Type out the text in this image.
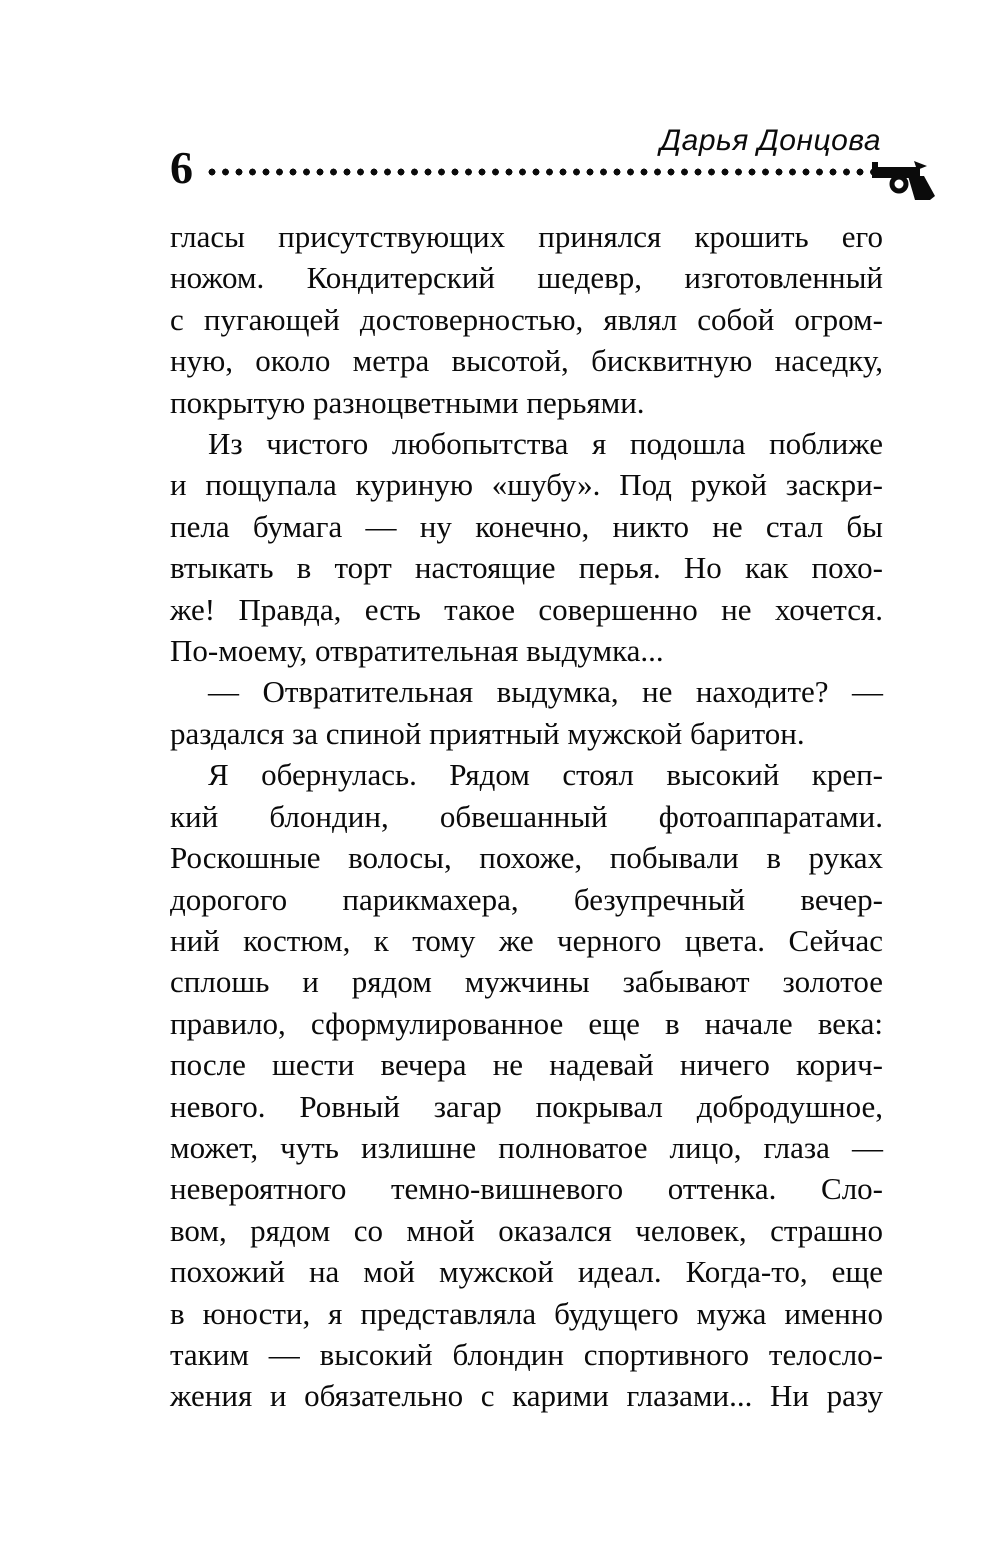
Дарья Донцова
6
гласы присутствующих принялся крошить его
ножом. Кондитерский шедевр, изготовленный
с пугающей достоверностью, являл собой огром-
ную, около метра высотой, бисквитную наседку,
покрытую разноцветными перьями.
Из чистого любопытства я подошла поближе
и пощупала куриную «шубу». Под рукой заскри-
пела бумага — ну конечно, никто не стал бы
втыкать в торт настоящие перья. Но как похо-
же! Правда, есть такое совершенно не хочется.
По-моему, отвратительная выдумка...
— Отвратительная выдумка, не находите? —
раздался за спиной приятный мужской баритон.
Я обернулась. Рядом стоял высокий креп-
кий блондин, обвешанный фотоаппаратами.
Роскошные волосы, похоже, побывали в руках
дорогого парикмахера, безупречный вечер-
ний костюм, к тому же черного цвета. Сейчас
сплошь и рядом мужчины забывают золотое
правило, сформулированное еще в начале века:
после шести вечера не надевай ничего корич-
невого. Ровный загар покрывал добродушное,
может, чуть излишне полноватое лицо, глаза —
невероятного темно-вишневого оттенка. Сло-
вом, рядом со мной оказался человек, страшно
похожий на мой мужской идеал. Когда-то, еще
в юности, я представляла будущего мужа именно
таким — высокий блондин спортивного телосло-
жения и обязательно с карими глазами... Ни разу
